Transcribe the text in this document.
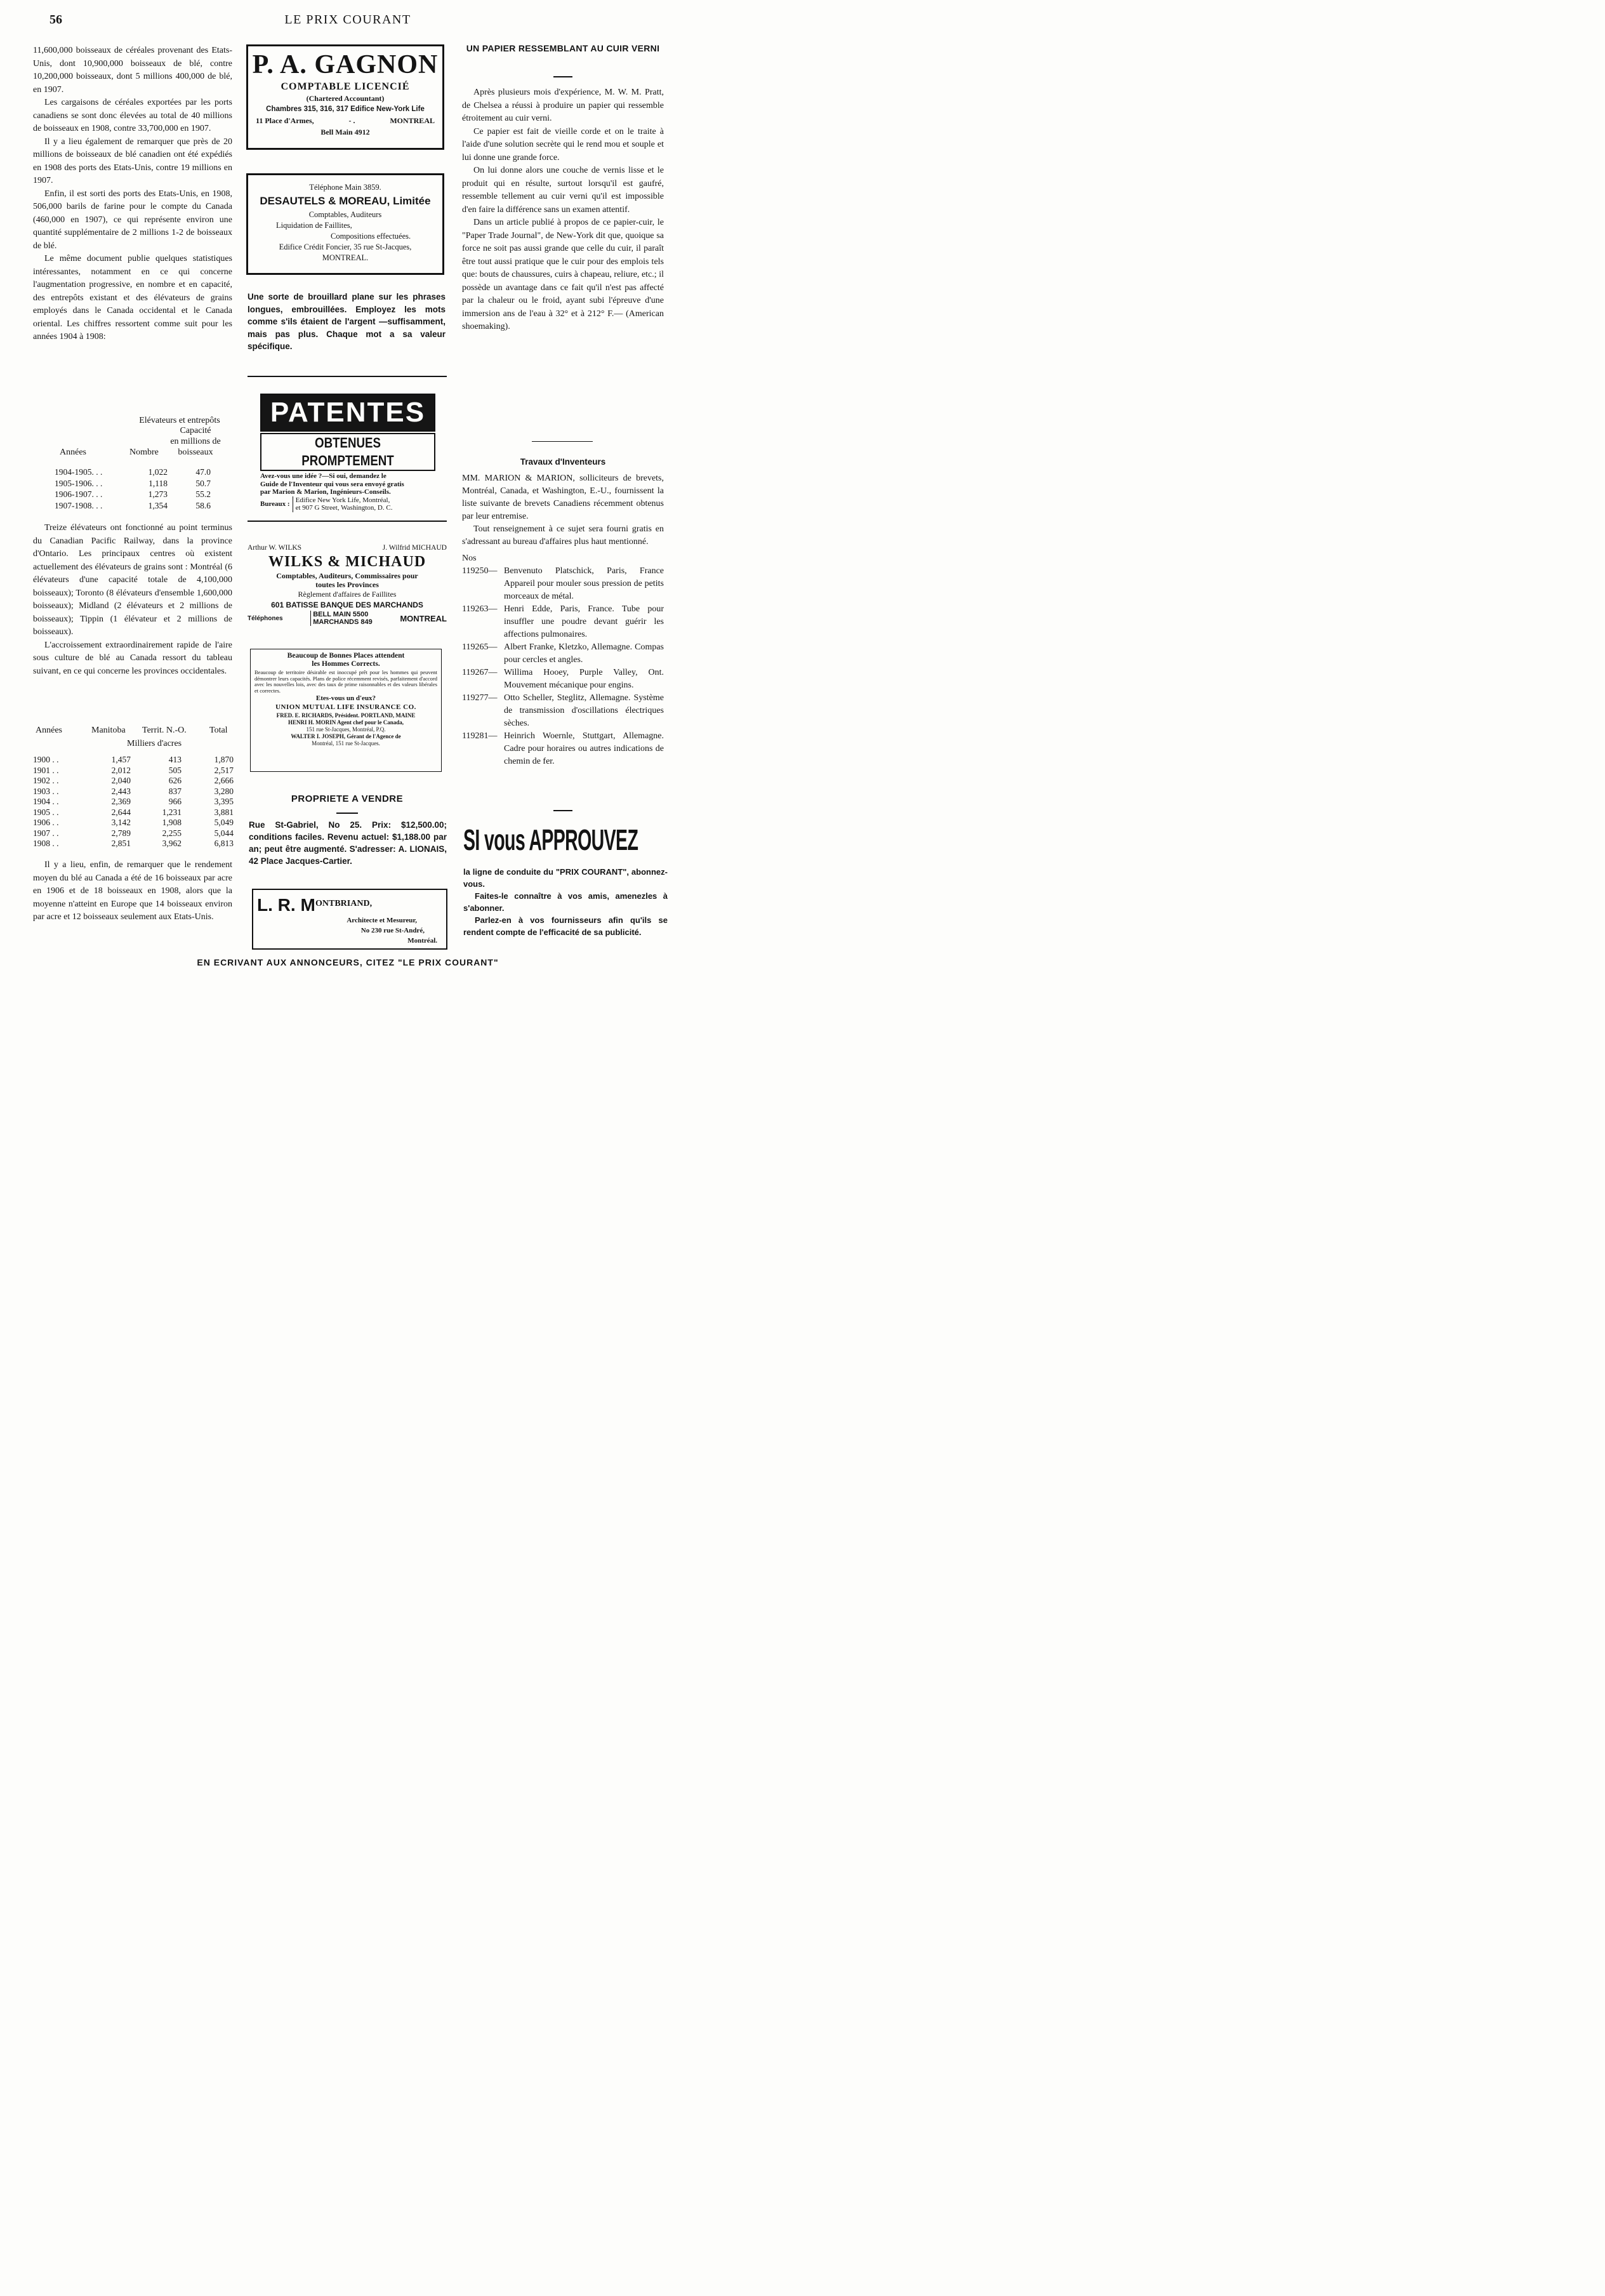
56	LE PRIX COURANT

11,600,000 boisseaux de céréales provenant des Etats-Unis, dont 10,900,000 boisseaux de blé, contre 10,200,000 boisseaux, dont 5 millions 400,000 de blé, en 1907.

Les cargaisons de céréales exportées par les ports canadiens se sont donc élevées au total de 40 millions de boisseaux en 1908, contre 33,700,000 en 1907.

Il y a lieu également de remarquer que près de 20 millions de boisseaux de blé canadien ont été expédiés en 1908 des ports des Etats-Unis, contre 19 millions en 1907.

Enfin, il est sorti des ports des Etats-Unis, en 1908, 506,000 barils de farine pour le compte du Canada (460,000 en 1907), ce qui représente environ une quantité supplémentaire de 2 millions 1-2 de boisseaux de blé.

Le même document publie quelques statistiques intéressantes, notamment en ce qui concerne l'augmentation progressive, en nombre et en capacité, des entrepôts existant et des élévateurs de grains employés dans le Canada occidental et le Canada oriental. Les chiffres ressortent comme suit pour les années 1904 à 1908:

Elévateurs et entrepôts
Capacité
en millions de
boisseaux
Années	Nombre
1904-1905. . .	1,022	47.0
1905-1906. . .	1,118	50.7
1906-1907. . .	1,273	55.2
1907-1908. . .	1,354	58.6

Treize élévateurs ont fonctionné au point terminus du Canadian Pacific Railway, dans la province d'Ontario. Les principaux centres où existent actuellement des élévateurs de grains sont : Montréal (6 élévateurs d'une capacité totale de 4,100,000 boisseaux); Toronto (8 élévateurs d'ensemble 1,600,000 boisseaux); Midland (2 élévateurs et 2 millions de boisseaux); Tippin (1 élévateur et 2 millions de boisseaux).

L'accroissement extraordinairement rapide de l'aire sous culture de blé au Canada ressort du tableau suivant, en ce qui concerne les provinces occidentales.

Années	Manitoba Territ. N.-O.	Total
Milliers d'acres
1900 . .	1,457	413	1,870
1901 . .	2,012	505	2,517
1902 . .	2,040	626	2,666
1903 . .	2,443	837	3,280
1904 . .	2,369	966	3,395
1905 . .	2,644	1,231	3,881
1906 . .	3,142	1,908	5,049
1907 . .	2,789	2,255	5,044
1908 . .	2,851	3,962	6,813

Il y a lieu, enfin, de remarquer que le rendement moyen du blé au Canada a été de 16 boisseaux par acre en 1906 et de 18 boisseaux en 1908, alors que la moyenne n'atteint en Europe que 14 boisseaux environ par acre et 12 boisseaux seulement aux Etats-Unis.

P. A. GAGNON
COMPTABLE LICENCIÉ
(Chartered Accountant)
Chambres 315, 316, 317 Edifice New-York Life
11 Place d'Armes,	- .	MONTREAL
Bell Main 4912
Téléphone Main 3859.
DESAUTELS & MOREAU, Limitée
Comptables, Auditeurs
Liquidation de Faillites,
Compositions effectuées.
Edifice Crédit Foncier, 35 rue St-Jacques,
MONTREAL.
Une sorte de brouillard plane sur les phrases longues, embrouillées. Employez les mots comme s'ils étaient de l'argent —suffisamment, mais pas plus. Chaque mot a sa valeur spécifique.
PATENTES
OBTENUES PROMPTEMENT
Avez-vous une idée ?—Si oui, demandez le
Guide de l'Inventeur qui vous sera envoyé gratis
par Marion & Marion, Ingénieurs-Conseils.
Bureaux :
Edifice New York Life, Montréal,
et 907 G Street, Washington, D. C.
Arthur W. WILKS	J. Wilfrid MICHAUD
WILKS & MICHAUD
Comptables, Auditeurs, Commissaires pour
toutes les Provinces
Règlement d'affaires de Faillites
601 BATISSE BANQUE DES MARCHANDS
Téléphones	BELL MAIN 5500
MARCHANDS 849	MONTREAL
Beaucoup de Bonnes Places attendent
les Hommes Corrects.
Beaucoup de territoire désirable est inoccupé prêt pour les hommes qui peuvent démontrer leurs capacités. Plans de police récemment revisés, parfaitement d'accord avec les nouvelles lois, avec des taux de prime raisonnables et des valeurs libérales et correctes.
Etes-vous un d'eux?
UNION MUTUAL LIFE INSURANCE CO.
FRED. E. RICHARDS, Président. PORTLAND, MAINE
HENRI H. MORIN Agent chef pour le Canada,
151 rue St-Jacques, Montréal, P.Q.
WALTER I. JOSEPH, Gérant de l'Agence de
Montréal, 151 rue St-Jacques.
PROPRIETE A VENDRE
Rue St-Gabriel, No 25. Prix: $12,500.00; conditions faciles. Revenu actuel: $1,188.00 par an; peut être augmenté. S'adresser: A. LIONAIS, 42 Place Jacques-Cartier.
L. R. M ONTBRIAND,
Architecte et Mesureur,
No 230 rue St-André,
Montréal.
UN PAPIER RESSEMBLANT AU CUIR VERNI

Après plusieurs mois d'expérience, M. W. M. Pratt, de Chelsea a réussi à produire un papier qui ressemble étroitement au cuir verni.

Ce papier est fait de vieille corde et on le traite à l'aide d'une solution secrète qui le rend mou et souple et lui donne une grande force.

On lui donne alors une couche de vernis lisse et le produit qui en résulte, surtout lorsqu'il est gaufré, ressemble tellement au cuir verni qu'il est impossible d'en faire la différence sans un examen attentif.

Dans un article publié à propos de ce papier-cuir, le "Paper Trade Journal", de New-York dit que, quoique sa force ne soit pas aussi grande que celle du cuir, il paraît être tout aussi pratique que le cuir pour des emplois tels que: bouts de chaussures, cuirs à chapeau, reliure, etc.; il possède un avantage dans ce fait qu'il n'est pas affecté par la chaleur ou le froid, ayant subi l'épreuve d'une immersion ans de l'eau à 32° et à 212° F.— (American shoemaking).

Travaux d'Inventeurs

MM. MARION & MARION, solliciteurs de brevets, Montréal, Canada, et Washington, E.-U., fournissent la liste suivante de brevets Canadiens récemment obtenus par leur entremise.

Tout renseignement à ce sujet sera fourni gratis en s'adressant au bureau d'affaires plus haut mentionné.

Nos
119250— Benvenuto Platschick, Paris, France Appareil pour mouler sous pression de petits morceaux de métal.
119263— Henri Edde, Paris, France. Tube pour insuffler une poudre devant guérir les affections pulmonaires.
119265— Albert Franke, Kletzko, Allemagne. Compas pour cercles et angles.
119267— Willima Hooey, Purple Valley, Ont. Mouvement mécanique pour engins.
119277— Otto Scheller, Steglitz, Allemagne. Système de transmission d'oscillations électriques sèches.
119281— Heinrich Woernle, Stuttgart, Allemagne. Cadre pour horaires ou autres indications de chemin de fer.
SI vous APPROUVEZ

la ligne de conduite du "PRIX COURANT", abonnez-vous.

Faites-le connaître à vos amis, amenezles à s'abonner.

Parlez-en à vos fournisseurs afin qu'ils se rendent compte de l'efficacité de sa publicité.

EN ECRIVANT AUX ANNONCEURS, CITEZ "LE PRIX COURANT"
